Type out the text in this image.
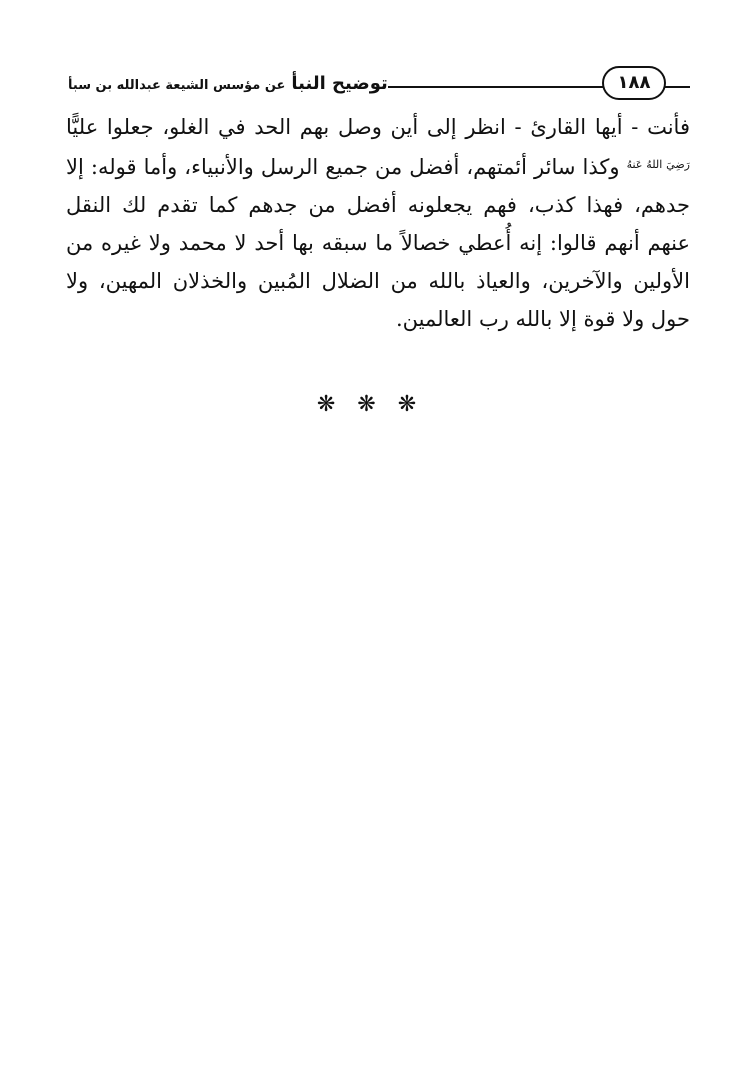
توضيح النبأ عن مؤسس الشيعة عبدالله بن سبأ	١٨٨

فأنت - أيها القارئ - انظر إلى أين وصل بهم الحد في الغلو، جعلوا عليًّا $^{رَضِيَ اللهُ عَنهُ}$ وكذا سائر أئمتهم، أفضل من جميع الرسل والأنبياء، وأما قوله: إلا جدهم، فهذا كذب، فهم يجعلونه أفضل من جدهم كما تقدم لك النقل عنهم أنهم قالوا: إنه أُعطي خصالاً ما سبقه بها أحد لا محمد ولا غيره من الأولين والآخرين، والعياذ بالله من الضلال المُبين والخذلان المهين، ولا حول ولا قوة إلا بالله رب العالمين.

❋❋❋
